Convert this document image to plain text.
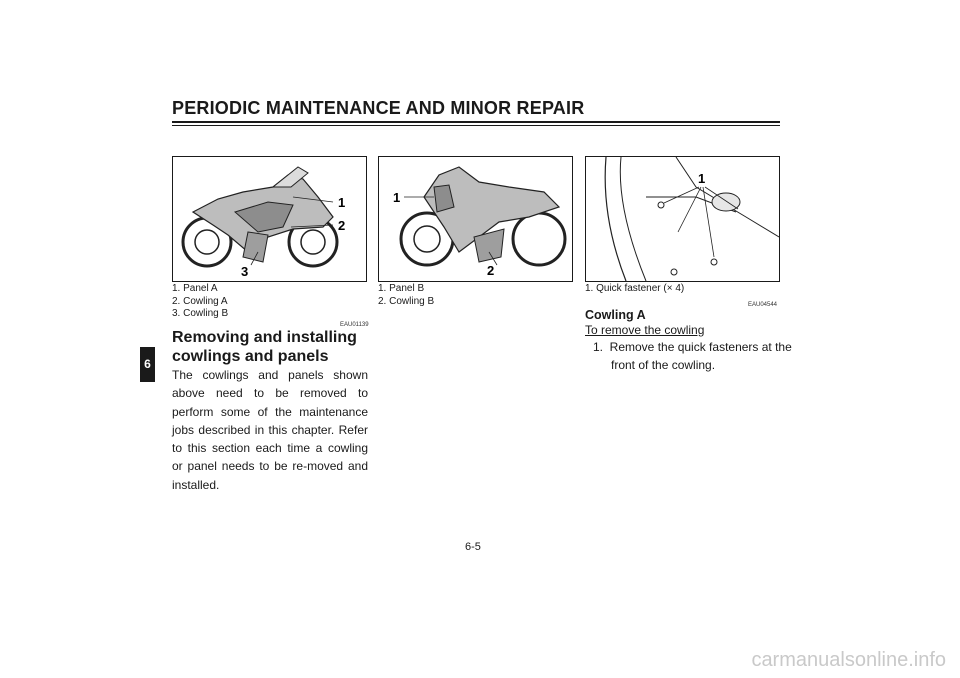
PERIODIC MAINTENANCE AND MINOR REPAIR
6
1
2
3
1. Panel A
2. Cowling A
3. Cowling B
1
2
1. Panel B
2. Cowling B
1
1. Quick fastener (× 4)
EAU01139
Removing and installing
cowlings and panels
The cowlings and panels shown above need to be removed to perform some of the maintenance jobs described in this chapter. Refer to this section each time a cowling or panel needs to be re-moved and installed.
EAU04544
Cowling A
To remove the cowling
1.  Remove the quick fasteners at the
front of the cowling.
6-5
carmanualsonline.info
